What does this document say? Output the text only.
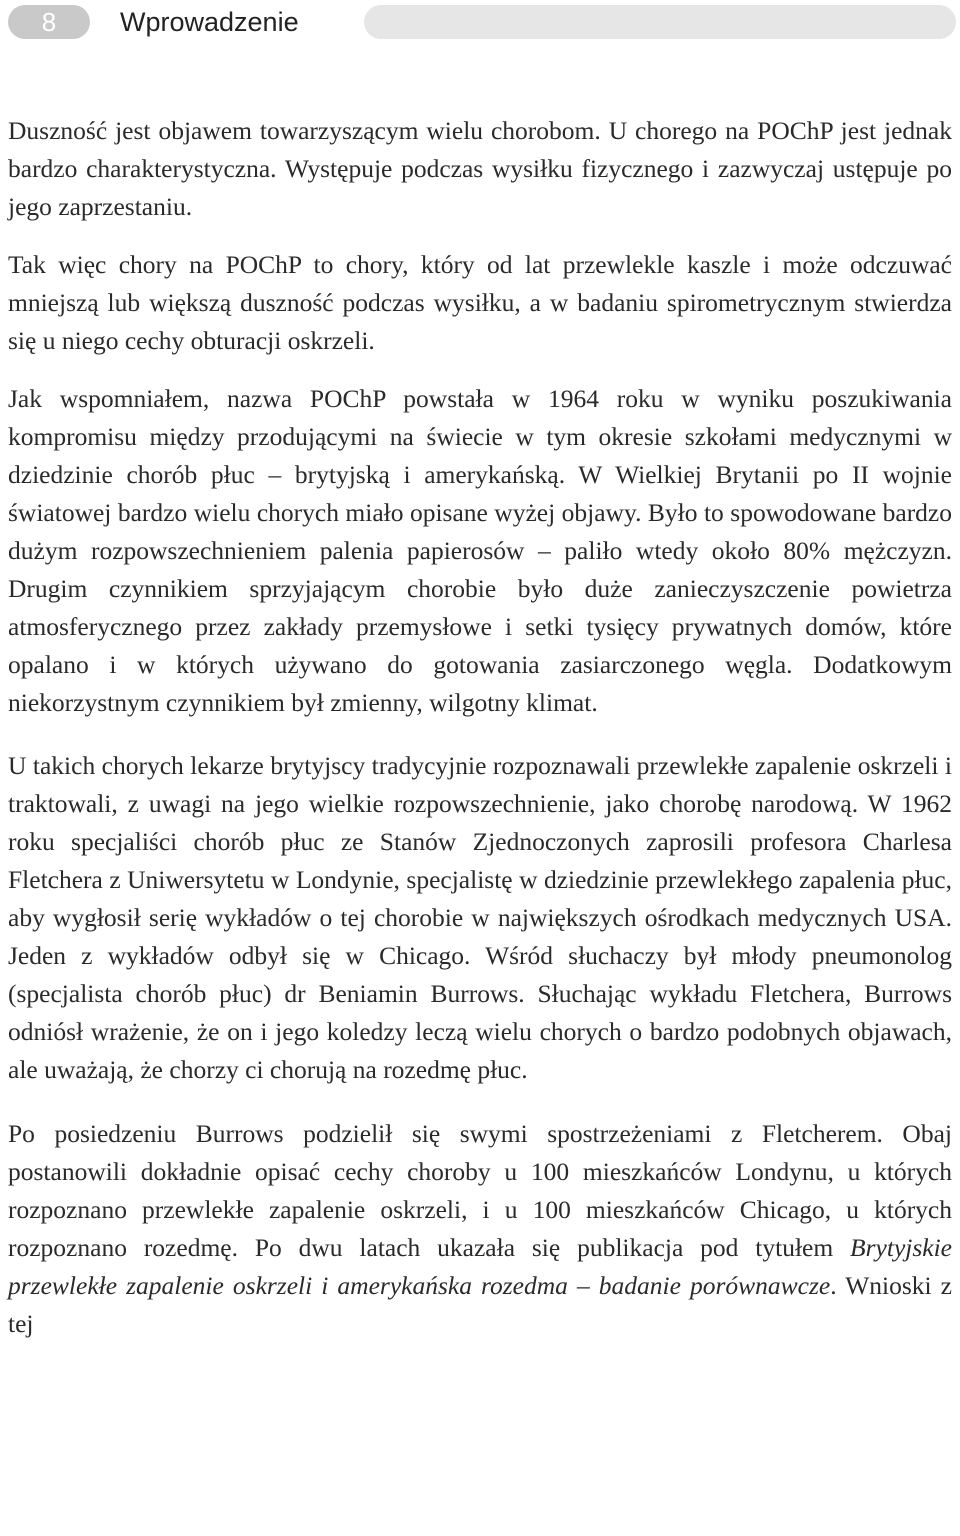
8	Wprowadzenie

Duszność jest objawem towarzyszącym wielu chorobom. U chorego na POChP jest jednak bardzo charakterystyczna. Występuje podczas wysiłku fizycznego i zazwyczaj ustępuje po jego zaprzestaniu.

Tak więc chory na POChP to chory, który od lat przewlekle kaszle i może odczuwać mniejszą lub większą duszność podczas wysiłku, a w badaniu spirometrycznym stwierdza się u niego cechy obturacji oskrzeli.

Jak wspomniałem, nazwa POChP powstała w 1964 roku w wyniku poszukiwania kompromisu między przodującymi na świecie w tym okresie szkołami medycznymi w dziedzinie chorób płuc – brytyjską i amerykańską. W Wielkiej Brytanii po II wojnie światowej bardzo wielu chorych miało opisane wyżej objawy. Było to spowodowane bardzo dużym rozpowszechnieniem palenia papierosów – paliło wtedy około 80% mężczyzn. Drugim czynnikiem sprzyjającym chorobie było duże zanieczyszczenie powietrza atmosferycznego przez zakłady przemysłowe i setki tysięcy prywatnych domów, które opalano i w których używano do gotowania zasiarczonego węgla. Dodatkowym niekorzystnym czynnikiem był zmienny, wilgotny klimat.

U takich chorych lekarze brytyjscy tradycyjnie rozpoznawali przewlekłe zapalenie oskrzeli i traktowali, z uwagi na jego wielkie rozpowszechnienie, jako chorobę narodową. W 1962 roku specjaliści chorób płuc ze Stanów Zjednoczonych zaprosili profesora Charlesa Fletchera z Uniwersytetu w Londynie, specjalistę w dziedzinie przewlekłego zapalenia płuc, aby wygłosił serię wykładów o tej chorobie w największych ośrodkach medycznych USA. Jeden z wykładów odbył się w Chicago. Wśród słuchaczy był młody pneumonolog (specjalista chorób płuc) dr Beniamin Burrows. Słuchając wykładu Fletchera, Burrows odniósł wrażenie, że on i jego koledzy leczą wielu chorych o bardzo podobnych objawach, ale uważają, że chorzy ci chorują na rozedmę płuc.

Po posiedzeniu Burrows podzielił się swymi spostrzeżeniami z Fletcherem. Obaj postanowili dokładnie opisać cechy choroby u 100 mieszkańców Londynu, u których rozpoznano przewlekłe zapalenie oskrzeli, i u 100 mieszkańców Chicago, u których rozpoznano rozedmę. Po dwu latach ukazała się publikacja pod tytułem Brytyjskie przewlekłe zapalenie oskrzeli i amerykańska rozedma – badanie porównawcze. Wnioski z tej
